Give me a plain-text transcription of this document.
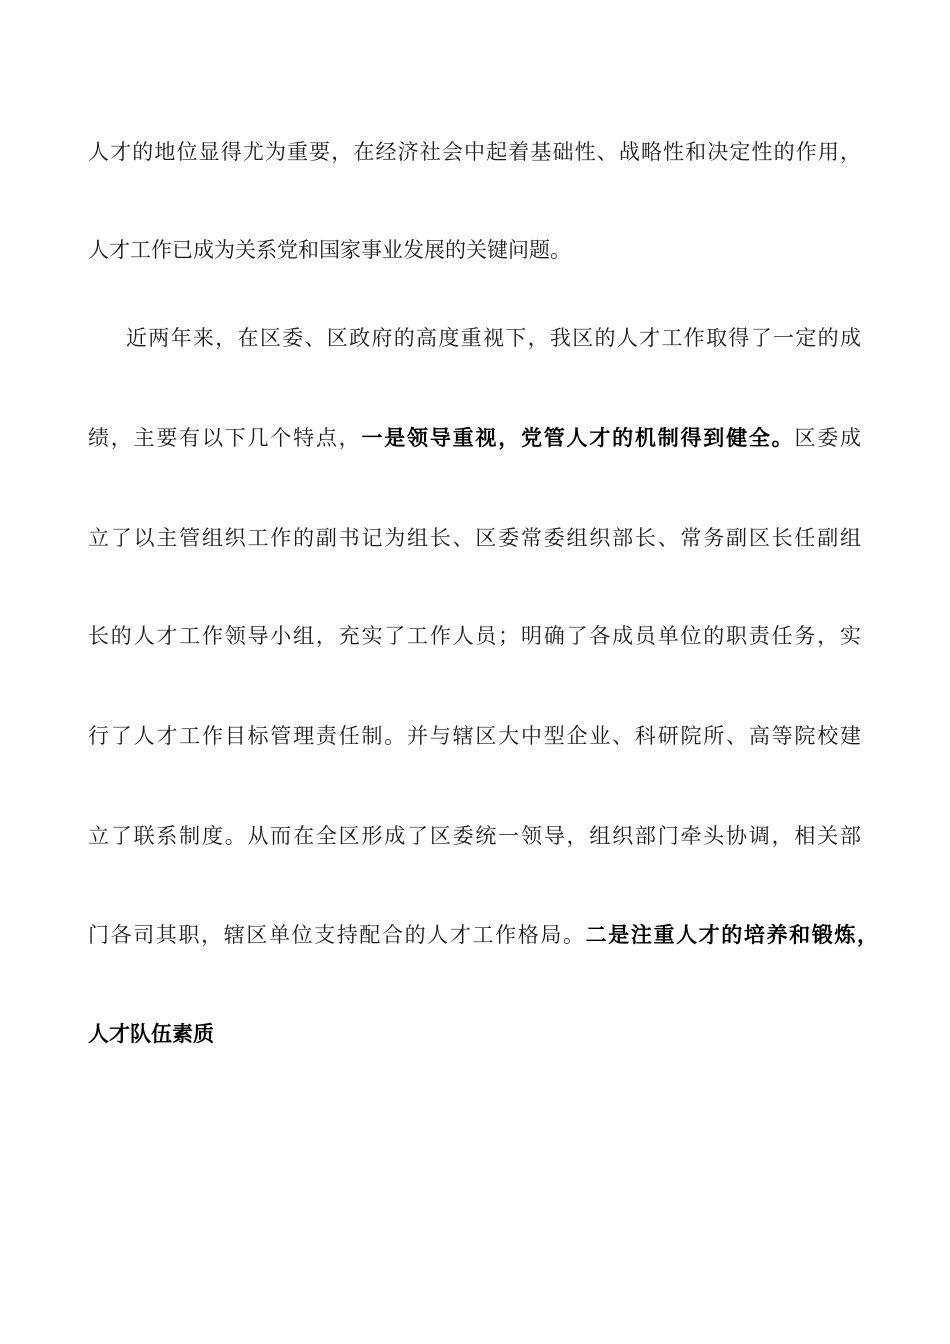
人才的地位显得尤为重要，在经济社会中起着基础性、战略性和决定性的作用，
人才工作已成为关系党和国家事业发展的关键问题。
近两年来，在区委、区政府的高度重视下，我区的人才工作取得了一定的成
绩，主要有以下几个特点，一是领导重视，党管人才的机制得到健全。区委成
立了以主管组织工作的副书记为组长、区委常委组织部长、常务副区长任副组
长的人才工作领导小组，充实了工作人员；明确了各成员单位的职责任务，实
行了人才工作目标管理责任制。并与辖区大中型企业、科研院所、高等院校建
立了联系制度。从而在全区形成了区委统一领导，组织部门牵头协调，相关部
门各司其职，辖区单位支持配合的人才工作格局。二是注重人才的培养和锻炼，
人才队伍素质
